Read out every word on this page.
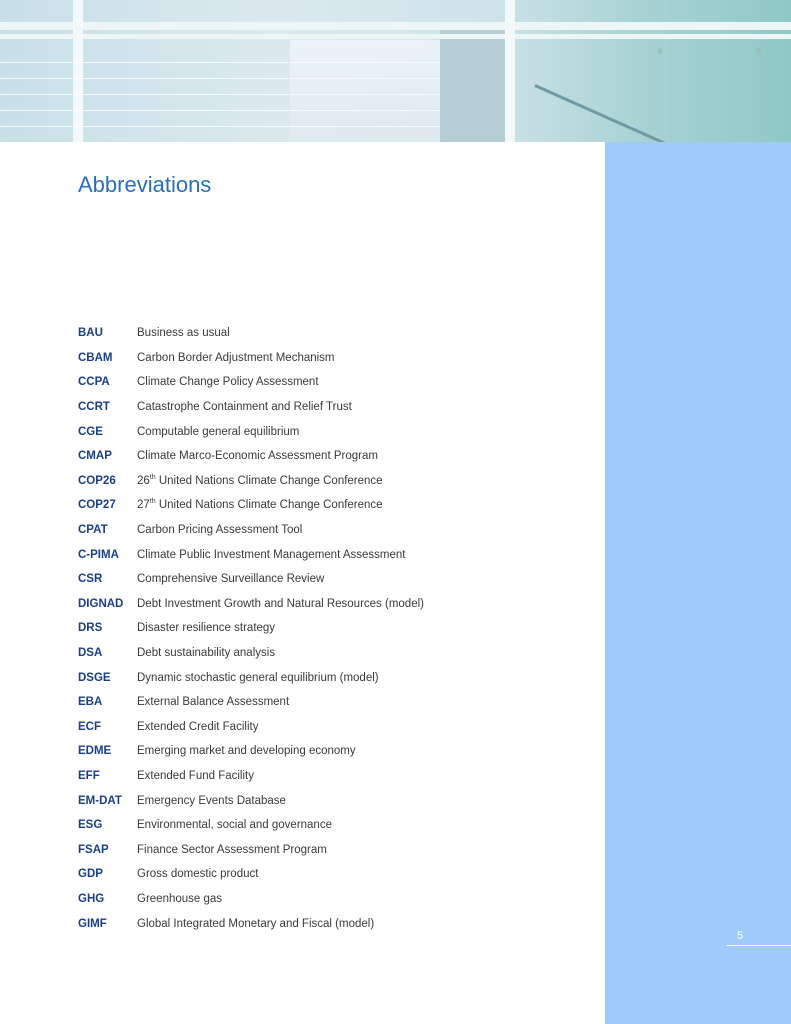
Abbreviations
BAU	Business as usual
CBAM	Carbon Border Adjustment Mechanism
CCPA	Climate Change Policy Assessment
CCRT	Catastrophe Containment and Relief Trust
CGE	Computable general equilibrium
CMAP	Climate Marco-Economic Assessment Program
COP26	26th United Nations Climate Change Conference
COP27	27th United Nations Climate Change Conference
CPAT	Carbon Pricing Assessment Tool
C-PIMA	Climate Public Investment Management Assessment
CSR	Comprehensive Surveillance Review
DIGNAD	Debt Investment Growth and Natural Resources (model)
DRS	Disaster resilience strategy
DSA	Debt sustainability analysis
DSGE	Dynamic stochastic general equilibrium (model)
EBA	External Balance Assessment
ECF	Extended Credit Facility
EDME	Emerging market and developing economy
EFF	Extended Fund Facility
EM-DAT	Emergency Events Database
ESG	Environmental, social and governance
FSAP	Finance Sector Assessment Program
GDP	Gross domestic product
GHG	Greenhouse gas
GIMF	Global Integrated Monetary and Fiscal (model)
5
